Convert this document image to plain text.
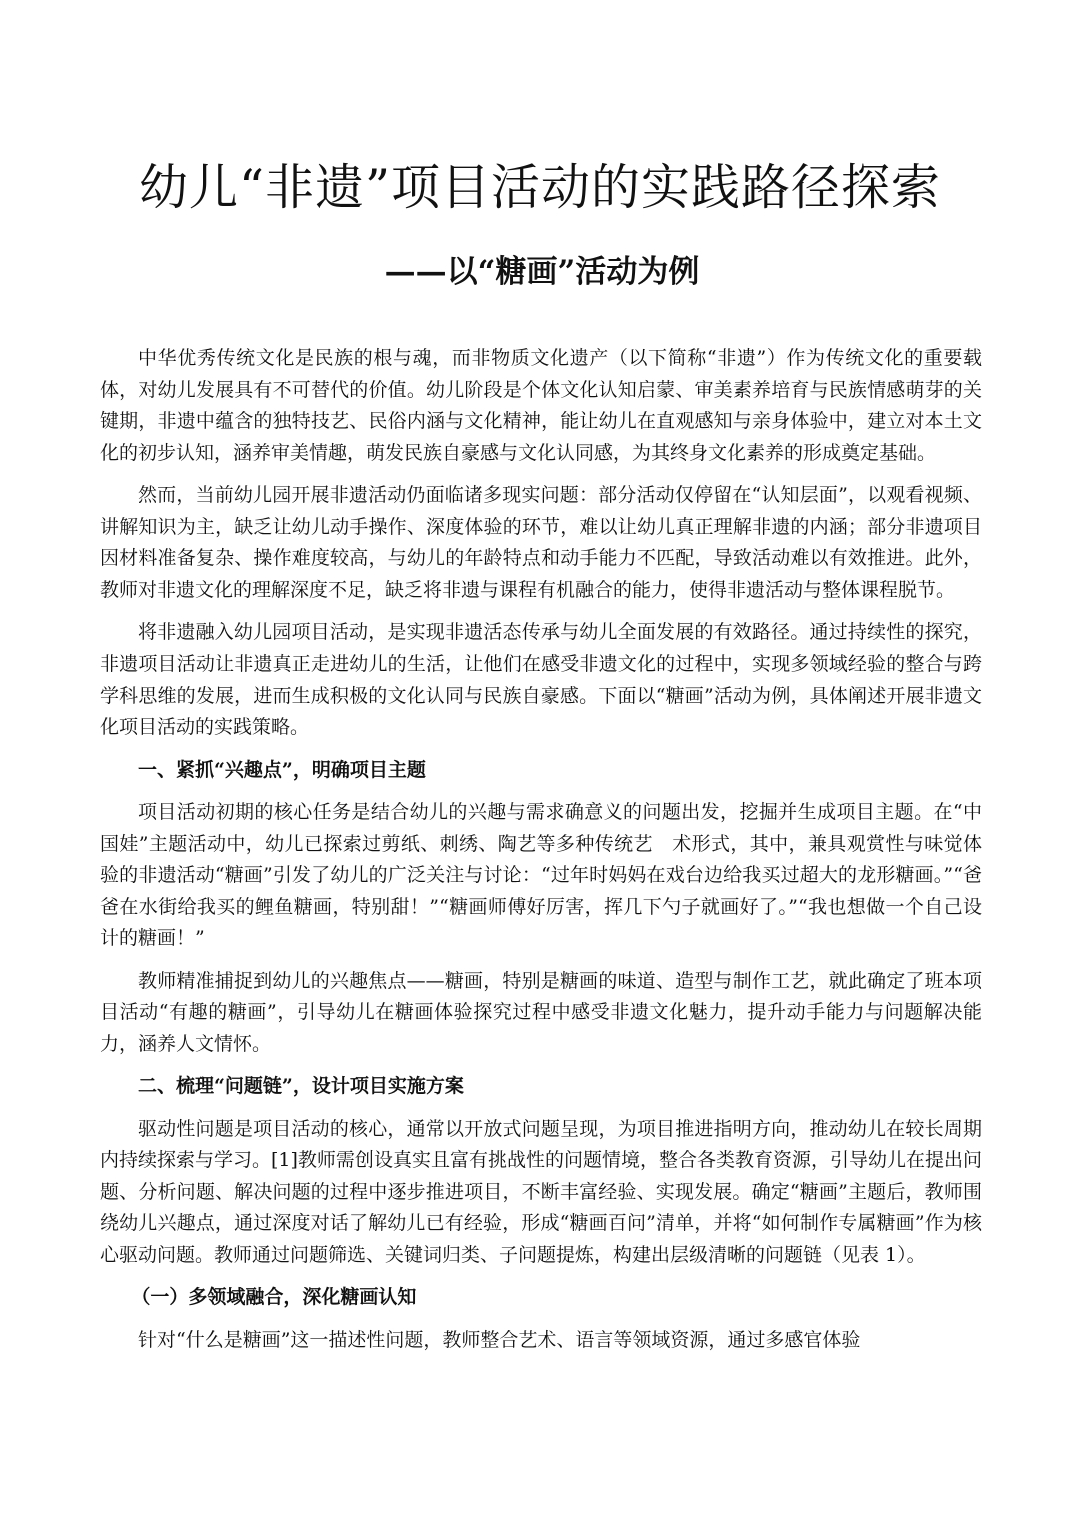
幼儿“非遗”项目活动的实践路径探索
——以“糖画”活动为例

中华优秀传统文化是民族的根与魂，而非物质文化遗产（以下简称“非遗”）作为传统文化的重要载体，对幼儿发展具有不可替代的价值。幼儿阶段是个体文化认知启蒙、审美素养培育与民族情感萌芽的关键期，非遗中蕴含的独特技艺、民俗内涵与文化精神，能让幼儿在直观感知与亲身体验中，建立对本土文化的初步认知，涵养审美情趣，萌发民族自豪感与文化认同感，为其终身文化素养的形成奠定基础。

然而，当前幼儿园开展非遗活动仍面临诸多现实问题：部分活动仅停留在“认知层面”，以观看视频、讲解知识为主，缺乏让幼儿动手操作、深度体验的环节，难以让幼儿真正理解非遗的内涵；部分非遗项目因材料准备复杂、操作难度较高，与幼儿的年龄特点和动手能力不匹配，导致活动难以有效推进。此外，教师对非遗文化的理解深度不足，缺乏将非遗与课程有机融合的能力，使得非遗活动与整体课程脱节。

将非遗融入幼儿园项目活动，是实现非遗活态传承与幼儿全面发展的有效路径。通过持续性的探究，非遗项目活动让非遗真正走进幼儿的生活，让他们在感受非遗文化的过程中，实现多领域经验的整合与跨学科思维的发展，进而生成积极的文化认同与民族自豪感。下面以“糖画”活动为例，具体阐述开展非遗文化项目活动的实践策略。

一、紧抓“兴趣点”，明确项目主题

项目活动初期的核心任务是结合幼儿的兴趣与需求确意义的问题出发，挖掘并生成项目主题。在“中国娃”主题活动中，幼儿已探索过剪纸、刺绣、陶艺等多种传统艺　术形式，其中，兼具观赏性与味觉体验的非遗活动“糖画”引发了幼儿的广泛关注与讨论：“过年时妈妈在戏台边给我买过超大的龙形糖画。”“爸爸在水街给我买的鲤鱼糖画，特别甜！”“糖画师傅好厉害，挥几下勺子就画好了。”“我也想做一个自己设计的糖画！”

教师精准捕捉到幼儿的兴趣焦点——糖画，特别是糖画的味道、造型与制作工艺，就此确定了班本项目活动“有趣的糖画”，引导幼儿在糖画体验探究过程中感受非遗文化魅力，提升动手能力与问题解决能力，涵养人文情怀。

二、梳理“问题链”，设计项目实施方案

驱动性问题是项目活动的核心，通常以开放式问题呈现，为项目推进指明方向，推动幼儿在较长周期内持续探索与学习。[1]教师需创设真实且富有挑战性的问题情境，整合各类教育资源，引导幼儿在提出问题、分析问题、解决问题的过程中逐步推进项目，不断丰富经验、实现发展。确定“糖画”主题后，教师围绕幼儿兴趣点，通过深度对话了解幼儿已有经验，形成“糖画百问”清单，并将“如何制作专属糖画”作为核心驱动问题。教师通过问题筛选、关键词归类、子问题提炼，构建出层级清晰的问题链（见表 1）。

（一）多领域融合，深化糖画认知

针对“什么是糖画”这一描述性问题，教师整合艺术、语言等领域资源，通过多感官体验
